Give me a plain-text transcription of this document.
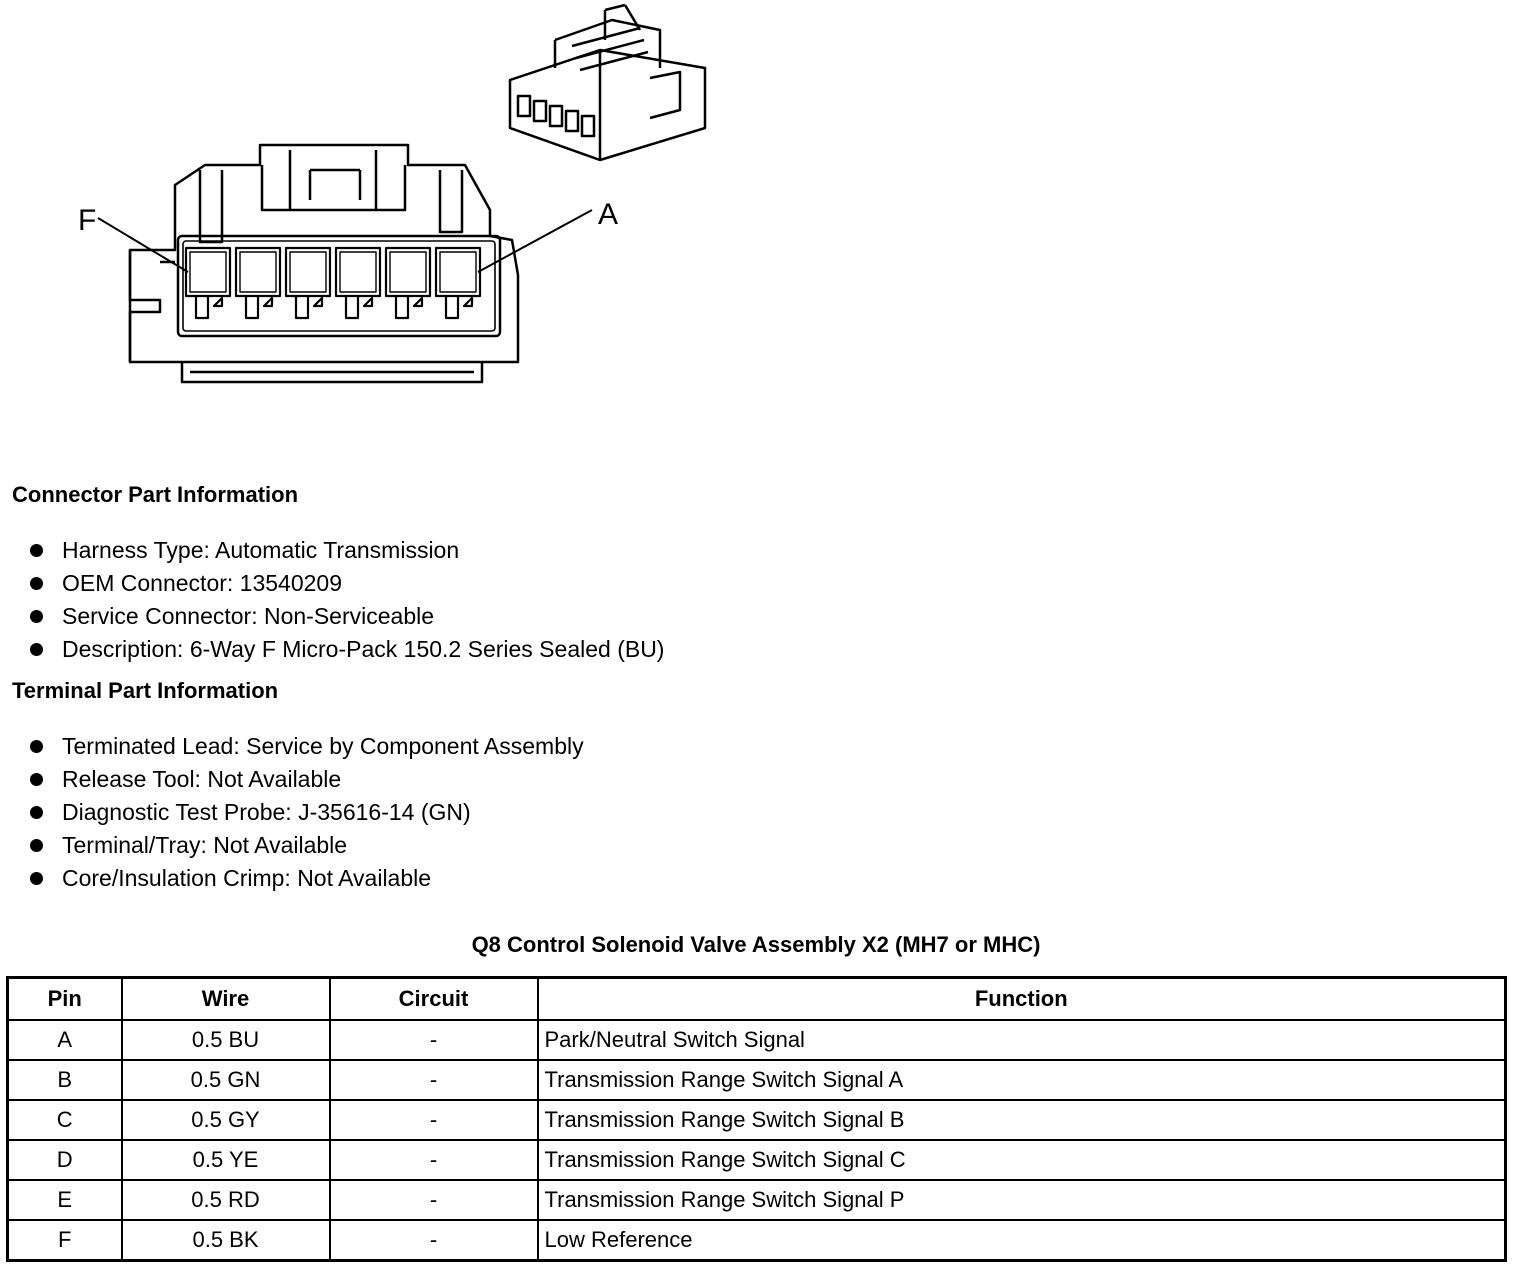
F	A
Connector Part Information
Harness Type: Automatic Transmission
OEM Connector: 13540209
Service Connector: Non-Serviceable
Description: 6-Way F Micro-Pack 150.2 Series Sealed (BU)
Terminal Part Information
Terminated Lead: Service by Component Assembly
Release Tool: Not Available
Diagnostic Test Probe: J-35616-14 (GN)
Terminal/Tray: Not Available
Core/Insulation Crimp: Not Available
Q8 Control Solenoid Valve Assembly X2 (MH7 or MHC)
Pin	Wire	Circuit	Function
A	0.5 BU	-	Park/Neutral Switch Signal
B	0.5 GN	-	Transmission Range Switch Signal A
C	0.5 GY	-	Transmission Range Switch Signal B
D	0.5 YE	-	Transmission Range Switch Signal C
E	0.5 RD	-	Transmission Range Switch Signal P
F	0.5 BK	-	Low Reference
